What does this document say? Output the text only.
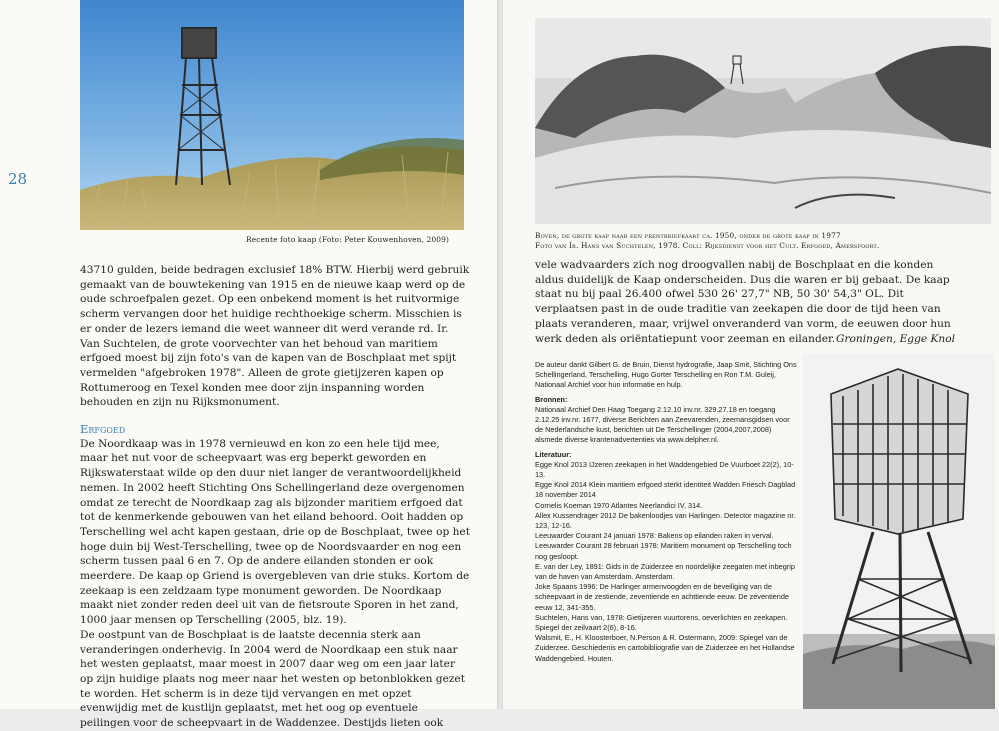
28
Recente foto kaap (Foto: Peter Kouwenhoven, 2009)

43710 gulden, beide bedragen exclusief 18% BTW. Hierbij werd gebruik gemaakt van de bouwtekening van 1915 en de nieuwe kaap werd op de oude schroefpalen gezet. Op een onbekend moment is het ruitvormige scherm vervangen door het huidige rechthoekige scherm. Misschien is er onder de lezers iemand die weet wanneer dit werd verande rd. Ir. Van Suchtelen, de grote voorvechter van het behoud van maritiem erfgoed moest bij zijn foto's van de kapen van de Boschplaat met spijt vermelden "afgebroken 1978". Alleen de grote gietijzeren kapen op Rottumeroog en Texel konden mee door zijn inspanning worden behouden en zijn nu Rijksmonument.

Erfgoed

De Noordkaap was in 1978 vernieuwd en kon zo een hele tijd mee, maar het nut voor de scheepvaart was erg beperkt geworden en Rijkswaterstaat wilde op den duur niet langer de verantwoordelijkheid nemen. In 2002 heeft Stichting Ons Schellingerland deze overgenomen omdat ze terecht de Noordkaap zag als bijzonder maritiem erfgoed dat tot de kenmerkende gebouwen van het eiland behoord. Ooit hadden op Terschelling wel acht kapen gestaan, drie op de Boschplaat, twee op het hoge duin bij West-Terschelling, twee op de Noordsvaarder en nog een scherm tussen paal 6 en 7. Op de andere eilanden stonden er ook meerdere. De kaap op Griend is overgebleven van drie stuks. Kortom de zeekaap is een zeldzaam type monument geworden. De Noordkaap maakt niet zonder reden deel uit van de fietsroute Sporen in het zand, 1000 jaar mensen op Terschelling (2005, blz. 19).

De oostpunt van de Boschplaat is de laatste decennia sterk aan veranderingen onderhevig. In 2004 werd de Noordkaap een stuk naar het westen geplaatst, maar moest in 2007 daar weg om een jaar later op zijn huidige plaats nog meer naar het westen op betonblokken gezet te worden. Het scherm is in deze tijd vervangen en met opzet evenwijdig met de kustlijn geplaatst, met het oog op eventuele peilingen voor de scheepvaart in de Waddenzee. Destijds lieten ook

Boven, de grote kaap naar een prentbriefkaart ca. 1950, onder de grote kaap in 1977
Foto van Ir. Hans van Suchtelen, 1978. Coll: Rijksdienst voor het Cult. Erfgoed, Amersfoort.

vele wadvaarders zich nog droogvallen nabij de Boschplaat en die konden aldus duidelijk de Kaap onderscheiden. Dus die waren er bij gebaat. De kaap staat nu bij paal 26.400 ofwel 530 26' 27,7" NB, 50 30' 54,3" OL. Dit verplaatsen past in de oude traditie van zeekapen die door de tijd heen van plaats veranderen, maar, vrijwel onveranderd van vorm, de eeuwen door hun werk deden als oriëntatiepunt voor zeeman en eilander. Groningen, Egge Knol

De auteur dankt Gilbert G. de Bruin, Dienst hydrografie, Jaap Smit, Stichting Ons Schellingerland, Terschelling, Hugo Gorter Terschelling en Ron T.M. Guleij, Nationaal Archief voor hun informatie en hulp.

Bronnen:

Nationaal Archief Den Haag Toegang 2.12.10 inv.nr. 329.27.18 en toegang 2.12.25 inv.nr. 1677, diverse Berichten aan Zeevarenden, zeemansgidsen voor de Nederlandsche kust, berichten uit De Terschellinger (2004,2007,2008) alsmede diverse krantenadvertenties via www.delpher.nl.

Literatuur:

Egge Knol 2013 IJzeren zeekapen in het Waddengebied De Vuurboet 22(2), 10-13.

Egge Knol 2014 Klein maritiem erfgoed sterkt identiteit Wadden Friesch Dagblad 18 november 2014

Cornelis Koeman 1970 Atlantes Neerlandici IV, 314.

Allex Kussendrager 2012 De bakenloodjes van Harlingen. Detector magazine nr. 123, 12-16.

Leeuwarder Courant 24 januari 1978: Bakens op eilanden raken in verval.

Leeuwarder Courant 28 februari 1978: Maritiem monument op Terschelling toch nog gesloopt.

E. van der Ley, 1891: Gids in de Zuiderzee en noordelijke zeegaten met inbegrip van de haven van Amsterdam. Amsterdam.

Joke Spaans 1996: De Harlinger armenvoogden en de beveiliging van de scheepvaart in de zestiende, zeventiende en achttiende eeuw. De zeventiende eeuw 12, 341-355.

Suchtelen, Hans van, 1978: Gietijzeren vuurtorens, oeverlichten en zeekapen. Spiegel der zeilvaart 2(6), 8-16.

Walsmit, E., H. Kloosterboer, N.Person & R. Ostermann, 2009: Spiegel van de Zuiderzee. Geschiedenis en cartobibliografie van de Zuiderzee en het Hollandse Waddengebied. Houten.
